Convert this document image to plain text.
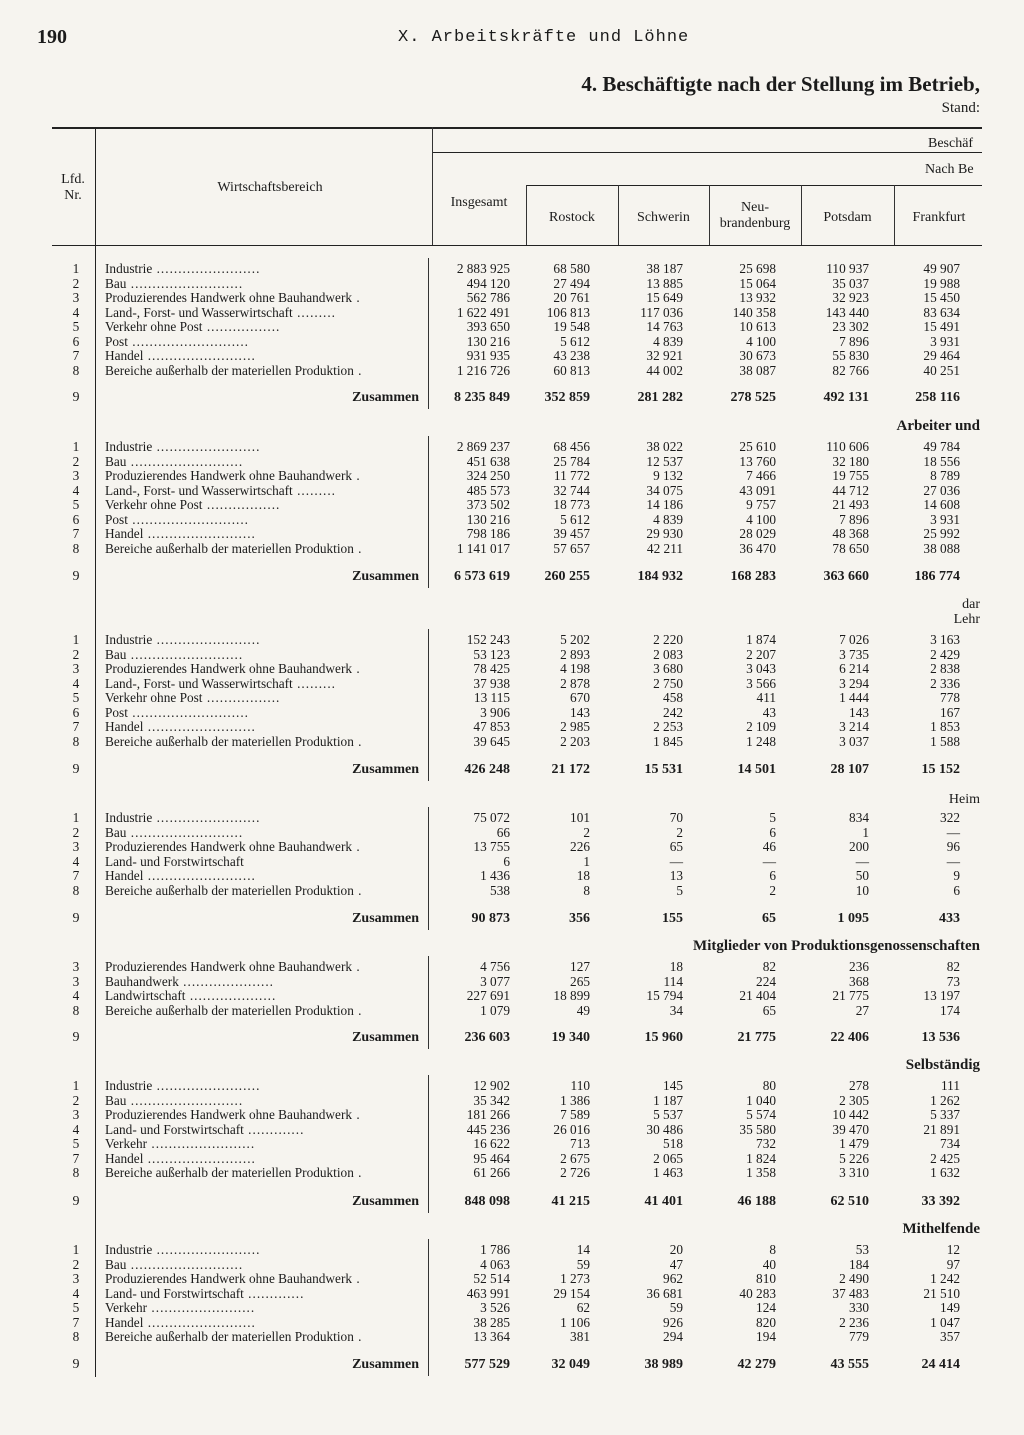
190	X. Arbeitskräfte und Löhne
4. Beschäftigte nach der Stellung im Betrieb,
Stand:
Lfd. Nr.
Wirtschaftsbereich
Beschäf
Nach Be
Insgesamt
Rostock	Schwerin
Neu- brandenburg	Potsdam	Frankfurt
1	Industrie ........................	2 883 925	68 580	38 187	25 698	110 937	49 907
2	Bau ..........................	494 120	27 494	13 885	15 064	35 037	19 988
3	Produzierendes Handwerk ohne Bauhandwerk .	562 786	20 761	15 649	13 932	32 923	15 450
4	Land-, Forst- und Wasserwirtschaft .........	1 622 491	106 813	117 036	140 358	143 440	83 634
5	Verkehr ohne Post .................	393 650	19 548	14 763	10 613	23 302	15 491
6	Post ...........................	130 216	5 612	4 839	4 100	7 896	3 931
7	Handel .........................	931 935	43 238	32 921	30 673	55 830	29 464
8	Bereiche außerhalb der materiellen Produktion .	1 216 726	60 813	44 002	38 087	82 766	40 251
9	Zusammen	8 235 849	352 859	281 282	278 525	492 131	258 116
Arbeiter und
1	Industrie ........................	2 869 237	68 456	38 022	25 610	110 606	49 784
2	Bau ..........................	451 638	25 784	12 537	13 760	32 180	18 556
3	Produzierendes Handwerk ohne Bauhandwerk .	324 250	11 772	9 132	7 466	19 755	8 789
4	Land-, Forst- und Wasserwirtschaft .........	485 573	32 744	34 075	43 091	44 712	27 036
5	Verkehr ohne Post .................	373 502	18 773	14 186	9 757	21 493	14 608
6	Post ...........................	130 216	5 612	4 839	4 100	7 896	3 931
7	Handel .........................	798 186	39 457	29 930	28 029	48 368	25 992
8	Bereiche außerhalb der materiellen Produktion .	1 141 017	57 657	42 211	36 470	78 650	38 088
9	Zusammen	6 573 619	260 255	184 932	168 283	363 660	186 774
dar
Lehr
1	Industrie ........................	152 243	5 202	2 220	1 874	7 026	3 163
2	Bau ..........................	53 123	2 893	2 083	2 207	3 735	2 429
3	Produzierendes Handwerk ohne Bauhandwerk .	78 425	4 198	3 680	3 043	6 214	2 838
4	Land-, Forst- und Wasserwirtschaft .........	37 938	2 878	2 750	3 566	3 294	2 336
5	Verkehr ohne Post .................	13 115	670	458	411	1 444	778
6	Post ...........................	3 906	143	242	43	143	167
7	Handel .........................	47 853	2 985	2 253	2 109	3 214	1 853
8	Bereiche außerhalb der materiellen Produktion .	39 645	2 203	1 845	1 248	3 037	1 588
9	Zusammen	426 248	21 172	15 531	14 501	28 107	15 152
Heim
1	Industrie ........................	75 072	101	70	5	834	322
2	Bau ..........................	66	2	2	6	1	—
3	Produzierendes Handwerk ohne Bauhandwerk .	13 755	226	65	46	200	96
4	Land- und Forstwirtschaft	6	1	—	—	—	—
7	Handel .........................	1 436	18	13	6	50	9
8	Bereiche außerhalb der materiellen Produktion .	538	8	5	2	10	6
9	Zusammen	90 873	356	155	65	1 095	433
Mitglieder von Produktionsgenossenschaften
3	Produzierendes Handwerk ohne Bauhandwerk .	4 756	127	18	82	236	82
3	Bauhandwerk .....................	3 077	265	114	224	368	73
4	Landwirtschaft ....................	227 691	18 899	15 794	21 404	21 775	13 197
8	Bereiche außerhalb der materiellen Produktion .	1 079	49	34	65	27	174
9	Zusammen	236 603	19 340	15 960	21 775	22 406	13 536
Selbständig
1	Industrie ........................	12 902	110	145	80	278	111
2	Bau ..........................	35 342	1 386	1 187	1 040	2 305	1 262
3	Produzierendes Handwerk ohne Bauhandwerk .	181 266	7 589	5 537	5 574	10 442	5 337
4	Land- und Forstwirtschaft .............	445 236	26 016	30 486	35 580	39 470	21 891
5	Verkehr ........................	16 622	713	518	732	1 479	734
7	Handel .........................	95 464	2 675	2 065	1 824	5 226	2 425
8	Bereiche außerhalb der materiellen Produktion .	61 266	2 726	1 463	1 358	3 310	1 632
9	Zusammen	848 098	41 215	41 401	46 188	62 510	33 392
Mithelfende
1	Industrie ........................	1 786	14	20	8	53	12
2	Bau ..........................	4 063	59	47	40	184	97
3	Produzierendes Handwerk ohne Bauhandwerk .	52 514	1 273	962	810	2 490	1 242
4	Land- und Forstwirtschaft .............	463 991	29 154	36 681	40 283	37 483	21 510
5	Verkehr ........................	3 526	62	59	124	330	149
7	Handel .........................	38 285	1 106	926	820	2 236	1 047
8	Bereiche außerhalb der materiellen Produktion .	13 364	381	294	194	779	357
9	Zusammen	577 529	32 049	38 989	42 279	43 555	24 414
